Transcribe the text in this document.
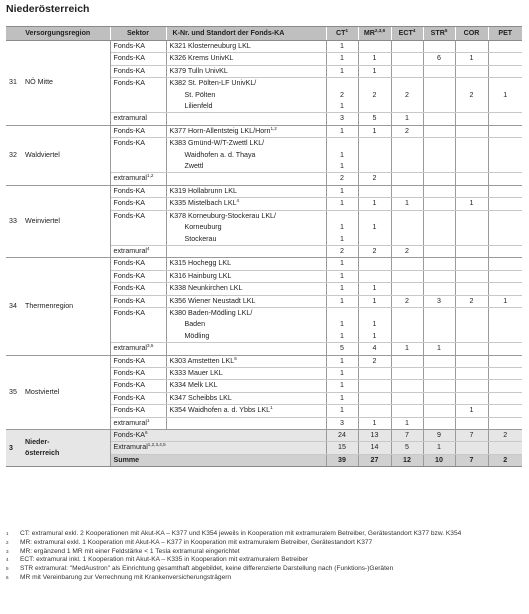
Niederösterreich
Versorgungsregion	Sektor	K-Nr. und Standort der Fonds-KA	$CT^1$	MR$^{2,3,6}$	ECT$^4$	STR$^5$	COR	PET
31 NÖ Mitte	Fonds-KA	K321 Klosterneuburg LKL	1					
	Fonds-KA	K326 Krems UnivKL	1	1		6	1	
	Fonds-KA	K379 Tulln UnivKL	1	1				
	Fonds-KA	K382 St. Pölten-LF UnivKL/						
		St. Pölten	2	2	2		2	1
		Lilienfeld	1					
	extramural		3	5	1			
32 Waldviertel	Fonds-KA	K377 Horn-Allentsteig LKL/Horn$^{1,2}$	1	1	2			
	Fonds-KA	K383 Gmünd-W/T-Zwettl LKL/						
		Waidhofen a. d. Thaya	1					
		Zwettl	1					
	extramural$^{1,2}$		2	2				
33 Weinviertel	Fonds-KA	K319 Hollabrunn LKL	1					
	Fonds-KA	K335 Mistelbach LKL$^4$	1	1	1		1	
	Fonds-KA	K378 Korneuburg-Stockerau LKL/						
		Korneuburg	1	1				
		Stockerau	1					
	extramural$^4$		2	2	2			
34 Thermenregion	Fonds-KA	K315 Hochegg LKL	1					
	Fonds-KA	K316 Hainburg LKL	1					
	Fonds-KA	K338 Neunkirchen LKL	1	1				
	Fonds-KA	K356 Wiener Neustadt LKL	1	1	2	3	2	1
	Fonds-KA	K380 Baden-Mödling LKL/						
		Baden	1	1				
		Mödling	1	1				
	extramural$^{3,5}$		5	4	1	1		
35 Mostviertel	Fonds-KA	K303 Amstetten LKL$^6$	1	2				
	Fonds-KA	K333 Mauer LKL	1					
	Fonds-KA	K334 Melk LKL	1					
	Fonds-KA	K347 Scheibbs LKL	1					
	Fonds-KA	K354 Waidhofen a. d. Ybbs LKL$^1$	1				1	
	extramural$^1$		3	1	1			
3
Nieder-
österreich	Fonds-$KA^6$		24	13	7	9	7	2
	Extramural$^{1,2,3,4,5}$		15	14	5	1		
	Summe		39	27	12	10	7	2
1	CT: extramural exkl. 2 Kooperationen mit Akut-KA – K377 und K354 jeweils in Kooperation mit extramuralem Betreiber, Gerätestandort K377 bzw. K354
2	MR: extramural exkl. 1 Kooperation mit Akut-KA – K377 in Kooperation mit extramuralem Betreiber, Gerätestandort K377
3	MR: ergänzend 1 MR mit einer Feldstärke < 1 Tesla extramural eingerichtet
4	ECT: extramural inkl. 1 Kooperation mit Akut-KA – K335 in Kooperation mit extramuralem Betreiber
5	STR extramural: "MedAustron" als Einrichtung gesamthaft abgebildet, keine differenzierte Darstellung nach (Funktions-)Geräten
6	MR mit Vereinbarung zur Verrechnung mit Krankenversicherungsträgern
